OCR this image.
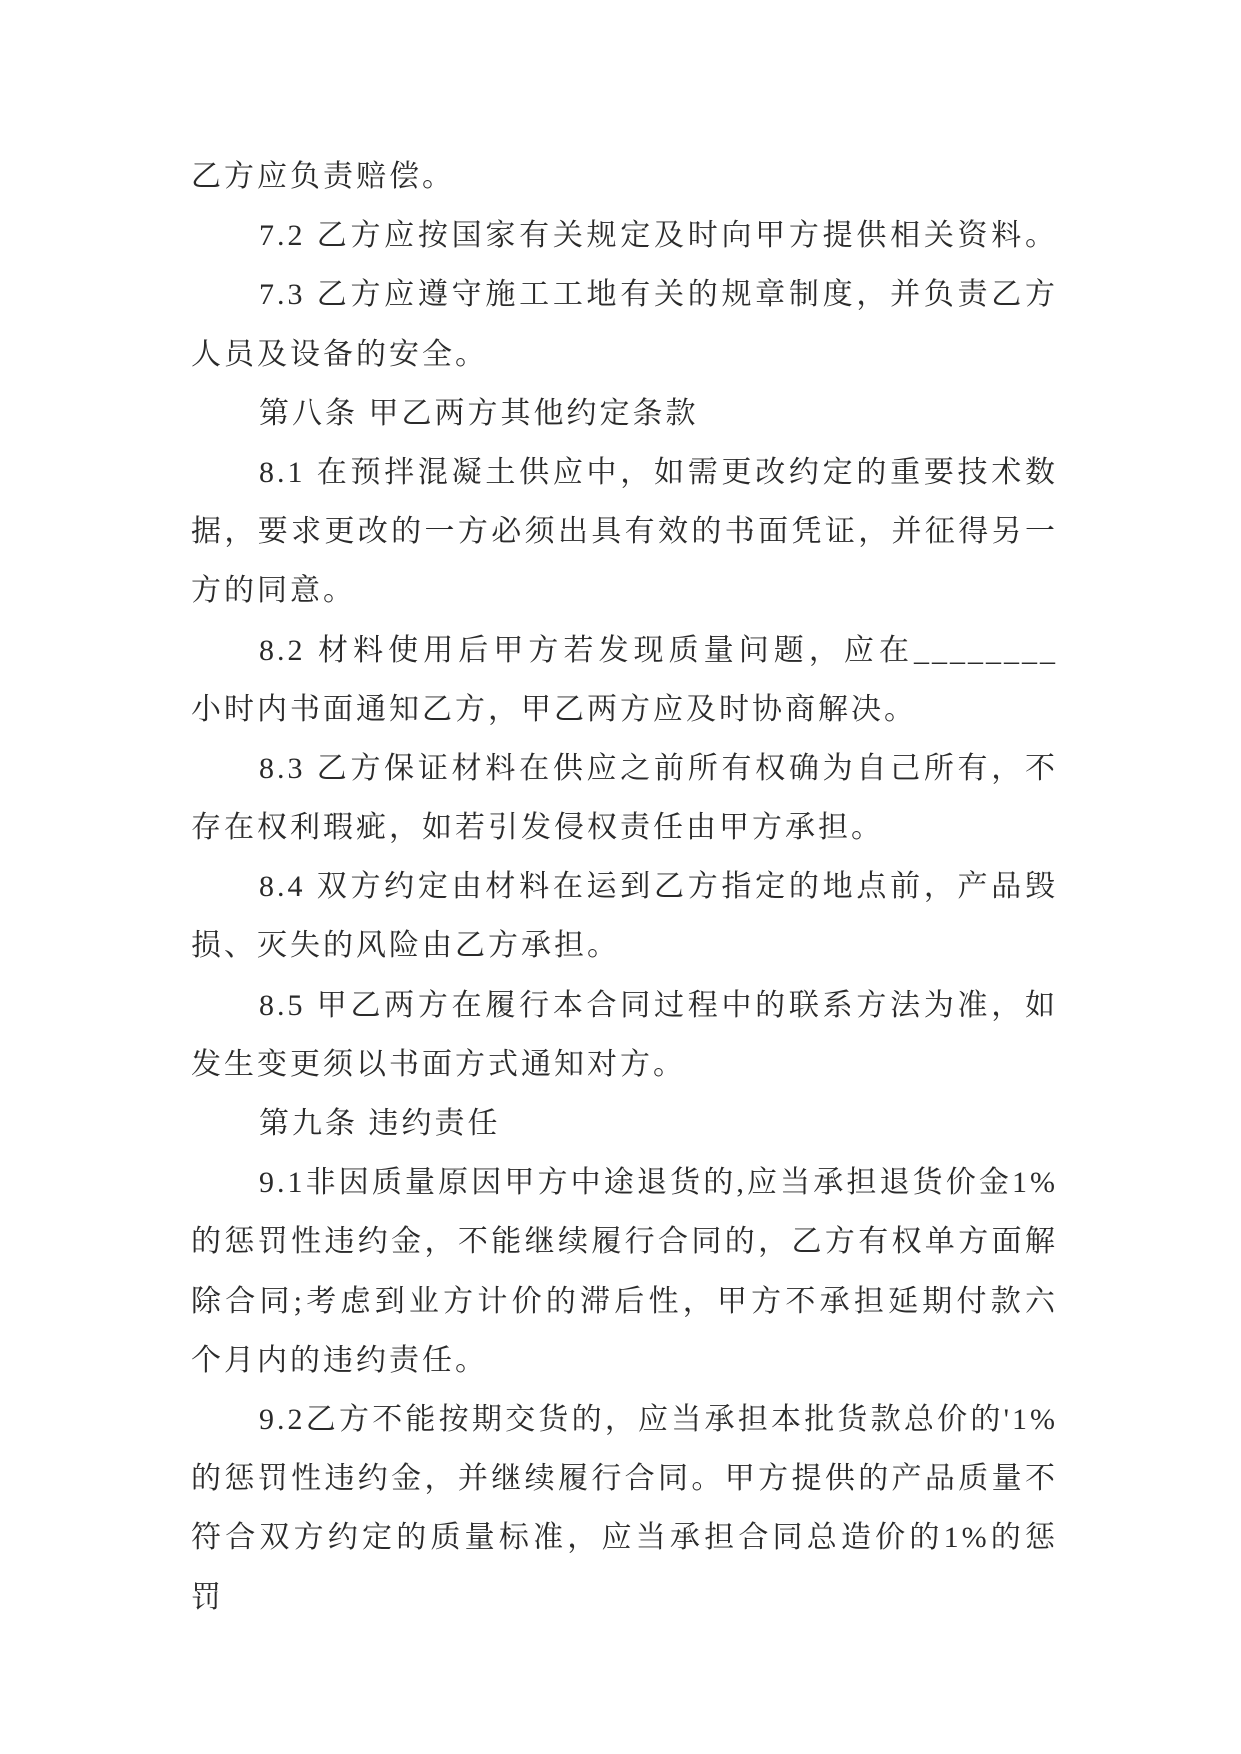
乙方应负责赔偿。
7.2 乙方应按国家有关规定及时向甲方提供相关资料。
7.3 乙方应遵守施工工地有关的规章制度，并负责乙方
人员及设备的安全。
第八条 甲乙两方其他约定条款
8.1 在预拌混凝土供应中，如需更改约定的重要技术数
据，要求更改的一方必须出具有效的书面凭证，并征得另一
方的同意。
8.2 材料使用后甲方若发现质量问题，应在________
小时内书面通知乙方，甲乙两方应及时协商解决。
8.3 乙方保证材料在供应之前所有权确为自己所有，不
存在权利瑕疵，如若引发侵权责任由甲方承担。
8.4 双方约定由材料在运到乙方指定的地点前，产品毁
损、灭失的风险由乙方承担。
8.5 甲乙两方在履行本合同过程中的联系方法为准，如
发生变更须以书面方式通知对方。
第九条 违约责任
9.1非因质量原因甲方中途退货的,应当承担退货价金1%
的惩罚性违约金，不能继续履行合同的，乙方有权单方面解
除合同;考虑到业方计价的滞后性，甲方不承担延期付款六
个月内的违约责任。
9.2乙方不能按期交货的，应当承担本批货款总价的'1%
的惩罚性违约金，并继续履行合同。甲方提供的产品质量不
符合双方约定的质量标准，应当承担合同总造价的1%的惩罚
